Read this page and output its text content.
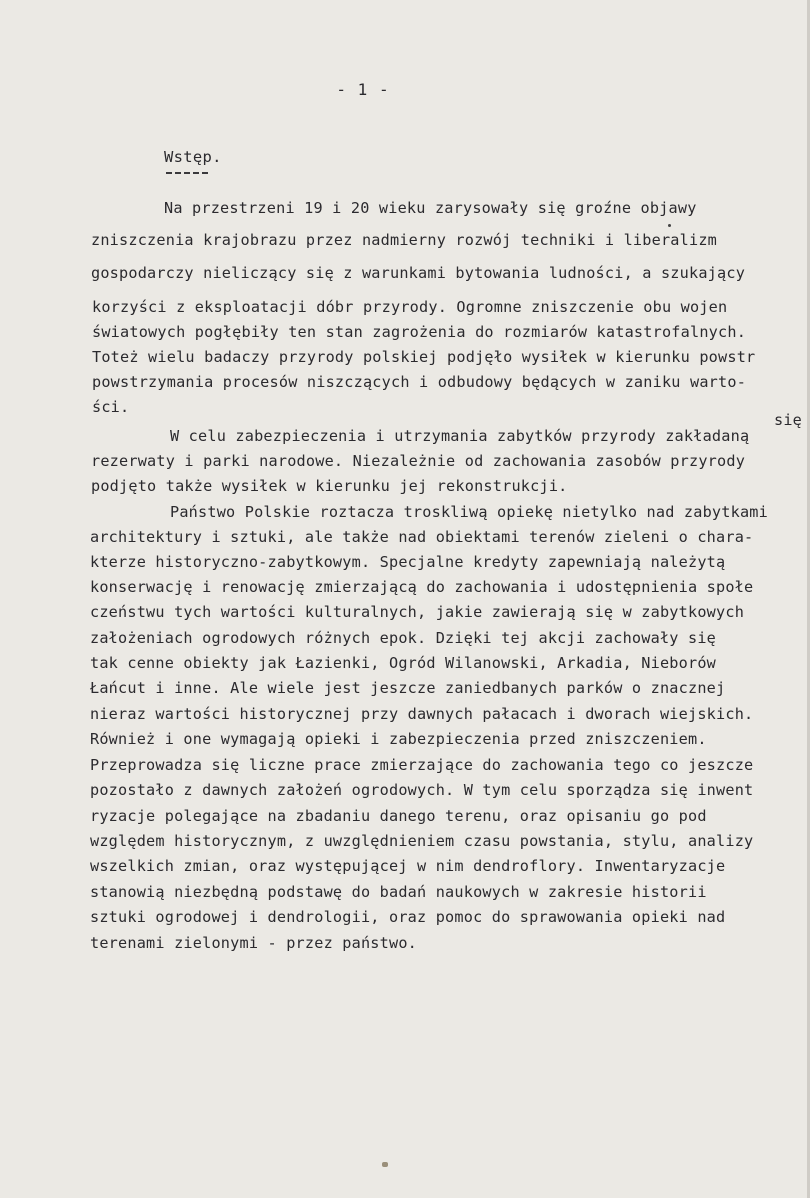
- 1 -
Wstęp.
Na przestrzeni 19 i 20 wieku zarysowały się groźne objawy
zniszczenia krajobrazu przez nadmierny rozwój techniki i liberalizm
gospodarczy nieliczący się z warunkami bytowania ludności, a szukający
korzyści z eksploatacji dóbr przyrody. Ogromne zniszczenie obu wojen
światowych pogłębiły ten stan zagrożenia do rozmiarów katastrofalnych.
Toteż wielu badaczy przyrody polskiej podjęło wysiłek w kierunku powstr
powstrzymania procesów niszczących i odbudowy będących w zaniku warto-
ści.
się
W celu zabezpieczenia i utrzymania zabytków przyrody zakładaną
rezerwaty i parki narodowe. Niezależnie od zachowania zasobów przyrody
podjęto także wysiłek w kierunku jej rekonstrukcji.
Państwo Polskie roztacza troskliwą opiekę nietylko nad zabytkami
architektury i sztuki, ale także nad obiektami terenów zieleni o chara-
kterze historyczno-zabytkowym. Specjalne kredyty zapewniają należytą
konserwację i renowację zmierzającą do zachowania i udostępnienia społe
czeństwu tych wartości kulturalnych, jakie zawierają się w zabytkowych
założeniach ogrodowych różnych epok. Dzięki tej akcji zachowały się
tak cenne obiekty jak Łazienki, Ogród Wilanowski, Arkadia, Nieborów
Łańcut i inne. Ale wiele jest jeszcze zaniedbanych parków o znacznej
nieraz wartości historycznej przy dawnych pałacach i dworach wiejskich.
Również i one wymagają opieki i zabezpieczenia przed zniszczeniem.
Przeprowadza się liczne prace zmierzające do zachowania tego co jeszcze
pozostało z dawnych założeń ogrodowych. W tym celu sporządza się inwent
ryzacje polegające na zbadaniu danego terenu, oraz opisaniu go pod
względem historycznym, z uwzględnieniem czasu powstania, stylu, analizy
wszelkich zmian, oraz występującej w nim dendroflory. Inwentaryzacje
stanowią niezbędną podstawę do badań naukowych w zakresie historii
sztuki ogrodowej i dendrologii, oraz pomoc do sprawowania opieki nad
terenami zielonymi - przez państwo.
